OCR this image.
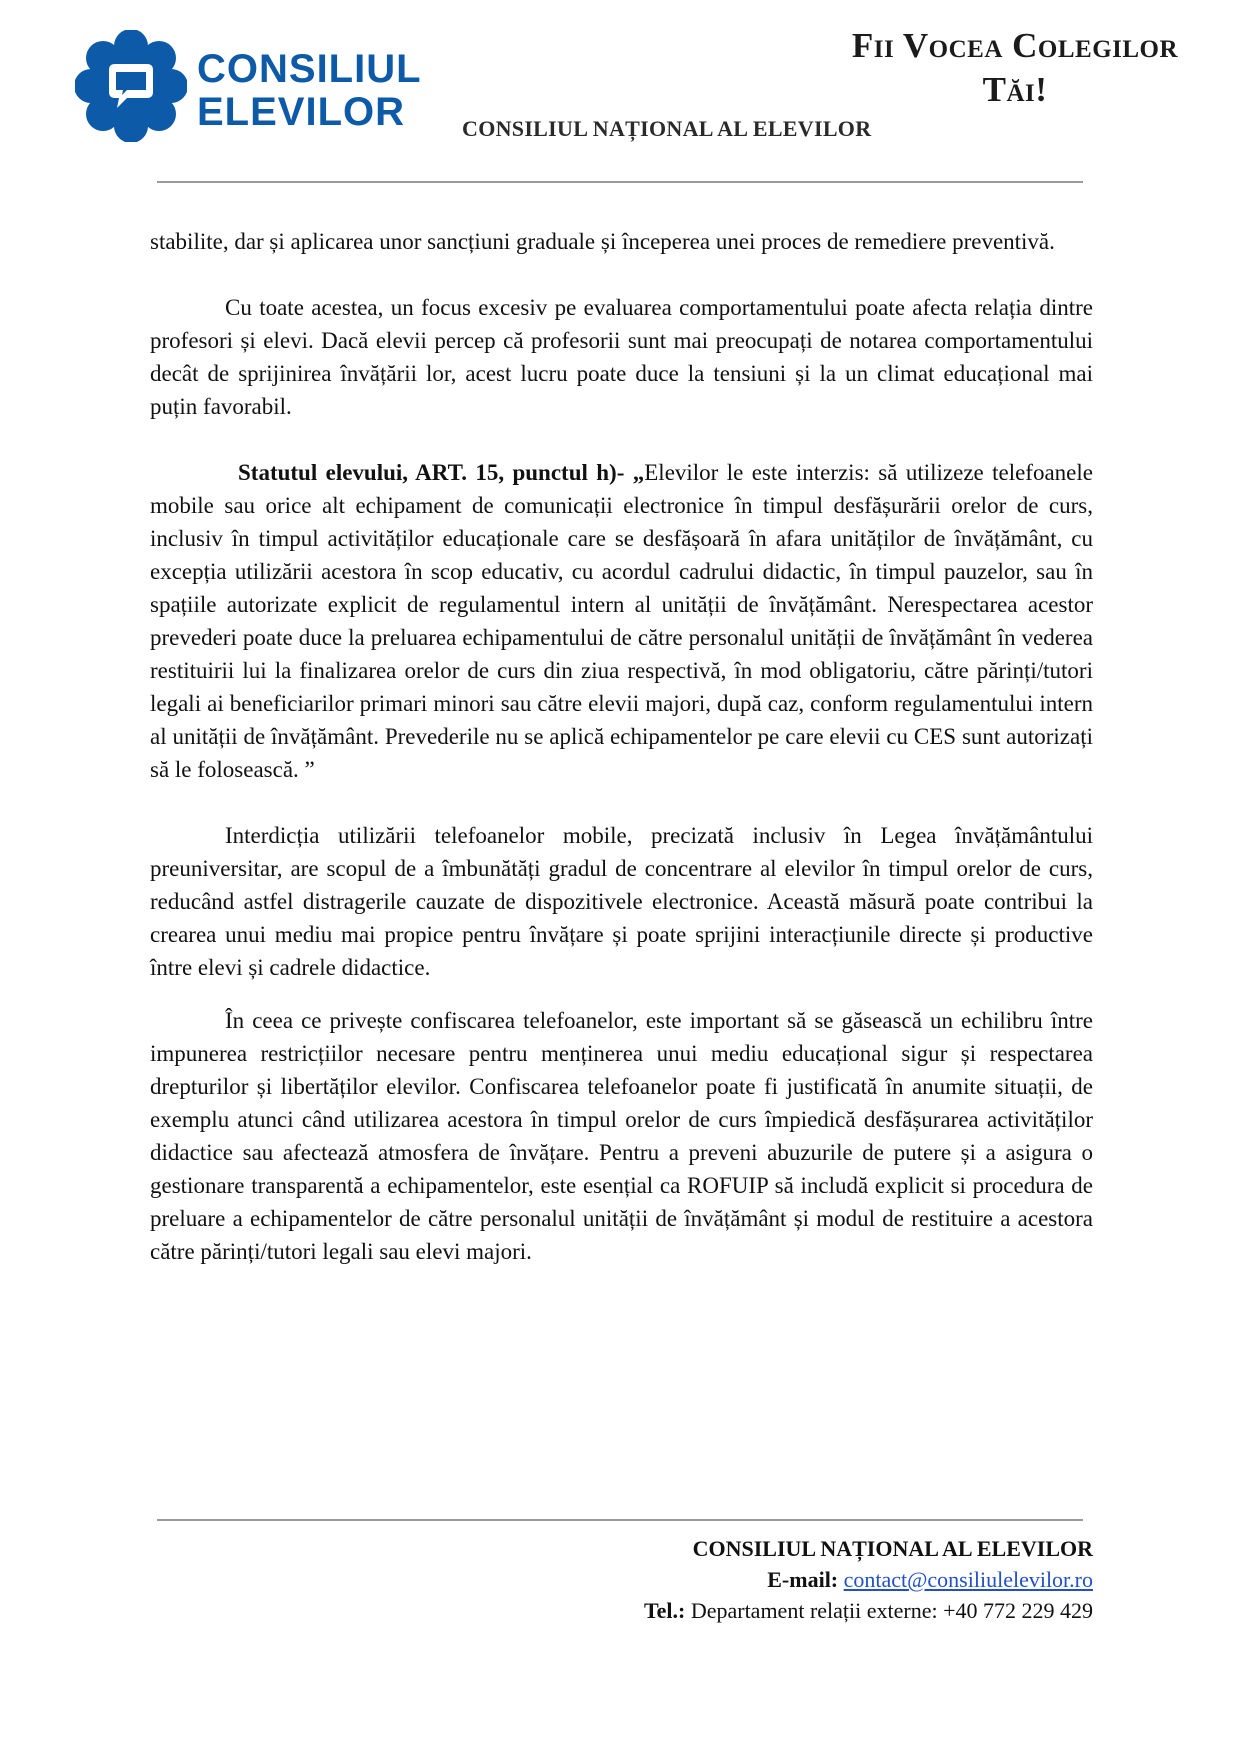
CONSILIUL
ELEVILOR
Fii Vocea Colegilor
Tăi!
CONSILIUL NAȚIONAL AL ELEVILOR

stabilite, dar și aplicarea unor sancțiuni graduale și începerea unei proces de remediere preventivă.

Cu toate acestea, un focus excesiv pe evaluarea comportamentului poate afecta relația dintre profesori și elevi. Dacă elevii percep că profesorii sunt mai preocupați de notarea comportamentului decât de sprijinirea învățării lor, acest lucru poate duce la tensiuni și la un climat educațional mai puțin favorabil.

Statutul elevului, ART. 15, punctul h)- „Elevilor le este interzis: să utilizeze telefoanele mobile sau orice alt echipament de comunicații electronice în timpul desfășurării orelor de curs, inclusiv în timpul activităților educaționale care se desfășoară în afara unităților de învățământ, cu excepția utilizării acestora în scop educativ, cu acordul cadrului didactic, în timpul pauzelor, sau în spațiile autorizate explicit de regulamentul intern al unității de învățământ. Nerespectarea acestor prevederi poate duce la preluarea echipamentului de către personalul unității de învățământ în vederea restituirii lui la finalizarea orelor de curs din ziua respectivă, în mod obligatoriu, către părinți/tutori legali ai beneficiarilor primari minori sau către elevii majori, după caz, conform regulamentului intern al unității de învățământ. Prevederile nu se aplică echipamentelor pe care elevii cu CES sunt autorizați să le folosească. ”

Interdicția utilizării telefoanelor mobile, precizată inclusiv în Legea învățământului preuniversitar, are scopul de a îmbunătăți gradul de concentrare al elevilor în timpul orelor de curs, reducând astfel distragerile cauzate de dispozitivele electronice. Această măsură poate contribui la crearea unui mediu mai propice pentru învățare și poate sprijini interacțiunile directe și productive între elevi și cadrele didactice.

În ceea ce privește confiscarea telefoanelor, este important să se găsească un echilibru între impunerea restricțiilor necesare pentru menținerea unui mediu educațional sigur și respectarea drepturilor și libertăților elevilor. Confiscarea telefoanelor poate fi justificată în anumite situații, de exemplu atunci când utilizarea acestora în timpul orelor de curs împiedică desfășurarea activităților didactice sau afectează atmosfera de învățare. Pentru a preveni abuzurile de putere și a asigura o gestionare transparentă a echipamentelor, este esențial ca ROFUIP să includă explicit si procedura de preluare a echipamentelor de către personalul unității de învățământ și modul de restituire a acestora către părinți/tutori legali sau elevi majori.

CONSILIUL NAȚIONAL AL ELEVILOR
E-mail: contact@consiliulelevilor.ro
Tel.: Departament relații externe: +40 772 229 429
